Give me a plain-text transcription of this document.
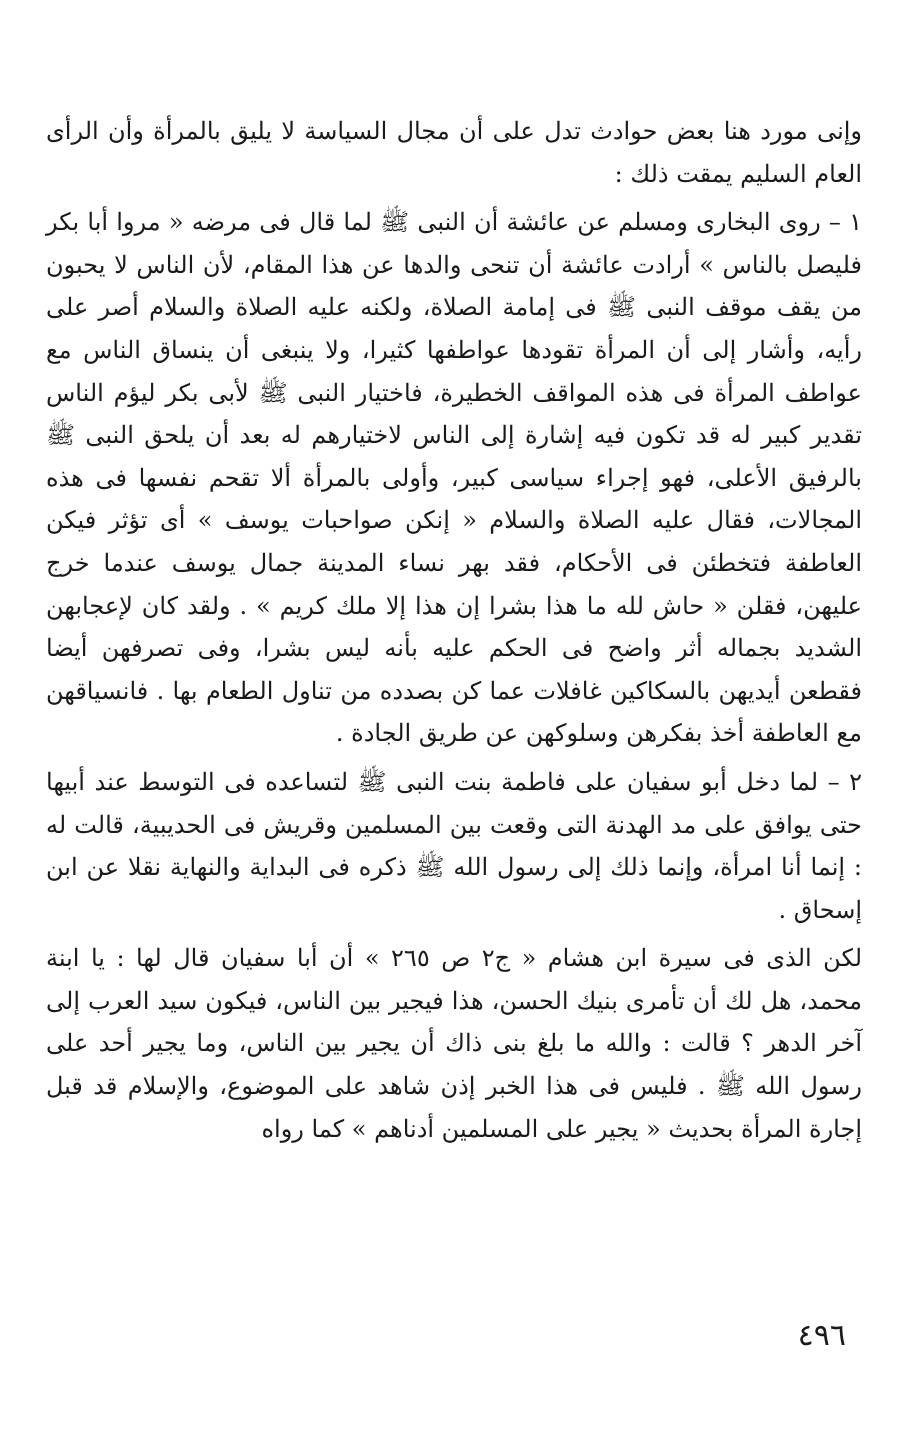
وإنى مورد هنا بعض حوادث تدل على أن مجال السياسة لا يليق بالمرأة وأن الرأى العام السليم يمقت ذلك :

١ – روى البخارى ومسلم عن عائشة أن النبى ﷺ لما قال فى مرضه « مروا أبا بكر فليصل بالناس » أرادت عائشة أن تنحى والدها عن هذا المقام، لأن الناس لا يحبون من يقف موقف النبى ﷺ فى إمامة الصلاة، ولكنه عليه الصلاة والسلام أصر على رأيه، وأشار إلى أن المرأة تقودها عواطفها كثيرا، ولا ينبغى أن ينساق الناس مع عواطف المرأة فى هذه المواقف الخطيرة، فاختيار النبى ﷺ لأبى بكر ليؤم الناس تقدير كبير له قد تكون فيه إشارة إلى الناس لاختيارهم له بعد أن يلحق النبى ﷺ بالرفيق الأعلى، فهو إجراء سياسى كبير، وأولى بالمرأة ألا تقحم نفسها فى هذه المجالات، فقال عليه الصلاة والسلام « إنكن صواحبات يوسف » أى تؤثر فيكن العاطفة فتخطئن فى الأحكام، فقد بهر نساء المدينة جمال يوسف عندما خرج عليهن، فقلن « حاش لله ما هذا بشرا إن هذا إلا ملك كريم » . ولقد كان لإعجابهن الشديد بجماله أثر واضح فى الحكم عليه بأنه ليس بشرا، وفى تصرفهن أيضا فقطعن أيديهن بالسكاكين غافلات عما كن بصدده من تناول الطعام بها . فانسياقهن مع العاطفة أخذ بفكرهن وسلوكهن عن طريق الجادة .

٢ – لما دخل أبو سفيان على فاطمة بنت النبى ﷺ لتساعده فى التوسط عند أبيها حتى يوافق على مد الهدنة التى وقعت بين المسلمين وقريش فى الحديبية، قالت له : إنما أنا امرأة، وإنما ذلك إلى رسول الله ﷺ ذكره فى البداية والنهاية نقلا عن ابن إسحاق .

لكن الذى فى سيرة ابن هشام « ج٢ ص ٢٦٥ » أن أبا سفيان قال لها : يا ابنة محمد، هل لك أن تأمرى بنيك الحسن، هذا فيجير بين الناس، فيكون سيد العرب إلى آخر الدهر ؟ قالت : والله ما بلغ بنى ذاك أن يجير بين الناس، وما يجير أحد على رسول الله ﷺ . فليس فى هذا الخبر إذن شاهد على الموضوع، والإسلام قد قبل إجارة المرأة بحديث « يجير على المسلمين أدناهم » كما رواه

٤٩٦
